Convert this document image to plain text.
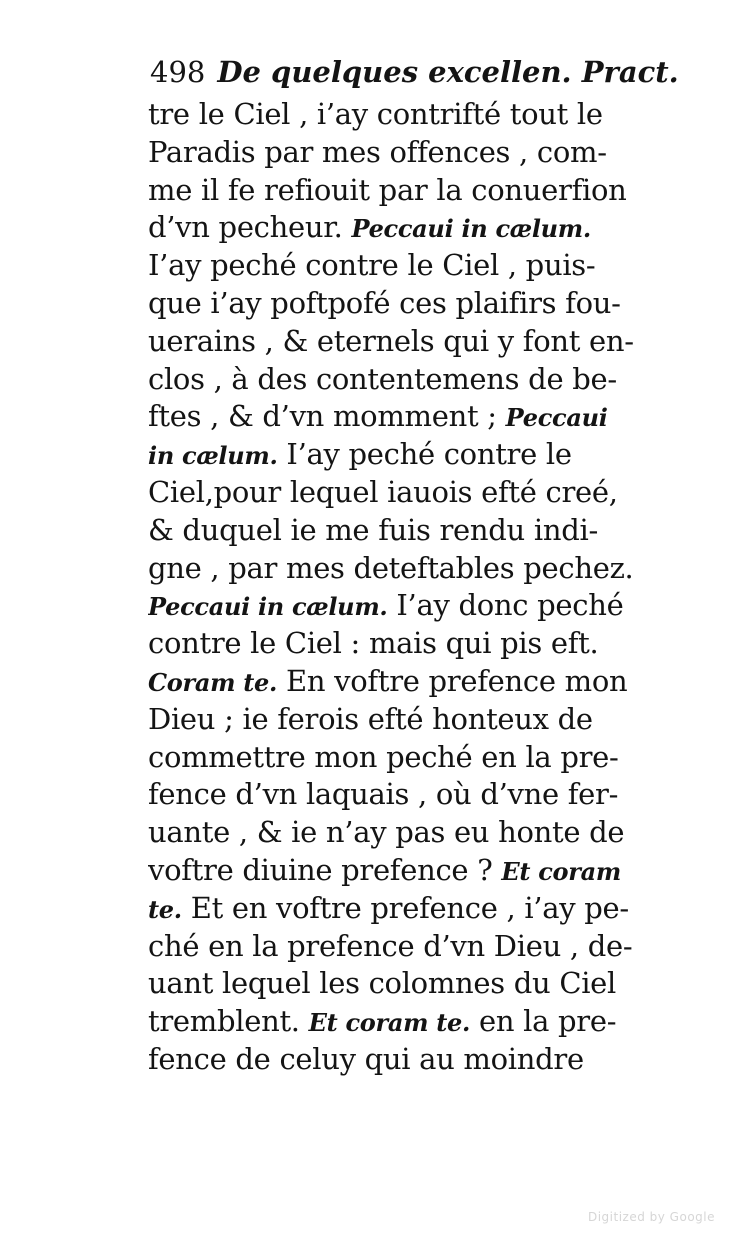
498 De quelques excellen. Pract.
tre le Ciel , i’ay contrifté tout le
Paradis par mes offences , com-
me il fe refiouit par la conuerfion
d’vn pecheur. Peccaui in cælum.
I’ay peché contre le Ciel , puis-
que i’ay poftpofé ces plaifirs fou-
uerains , & eternels qui y font en-
clos , à des contentemens de be-
ftes , & d’vn momment ; Peccaui
in cælum. I’ay peché contre le
Ciel,pour lequel iauois efté creé,
& duquel ie me fuis rendu indi-
gne , par mes deteftables pechez.
Peccaui in cælum. I’ay donc peché
contre le Ciel : mais qui pis eft.
Coram te. En voftre prefence mon
Dieu ; ie ferois efté honteux de
commettre mon peché en la pre-
fence d’vn laquais , où d’vne fer-
uante , & ie n’ay pas eu honte de
voftre diuine prefence ? Et coram
te. Et en voftre prefence , i’ay pe-
ché en la prefence d’vn Dieu , de-
uant lequel les colomnes du Ciel
tremblent. Et coram te. en la pre-
fence de celuy qui au moindre
Digitized by Google
